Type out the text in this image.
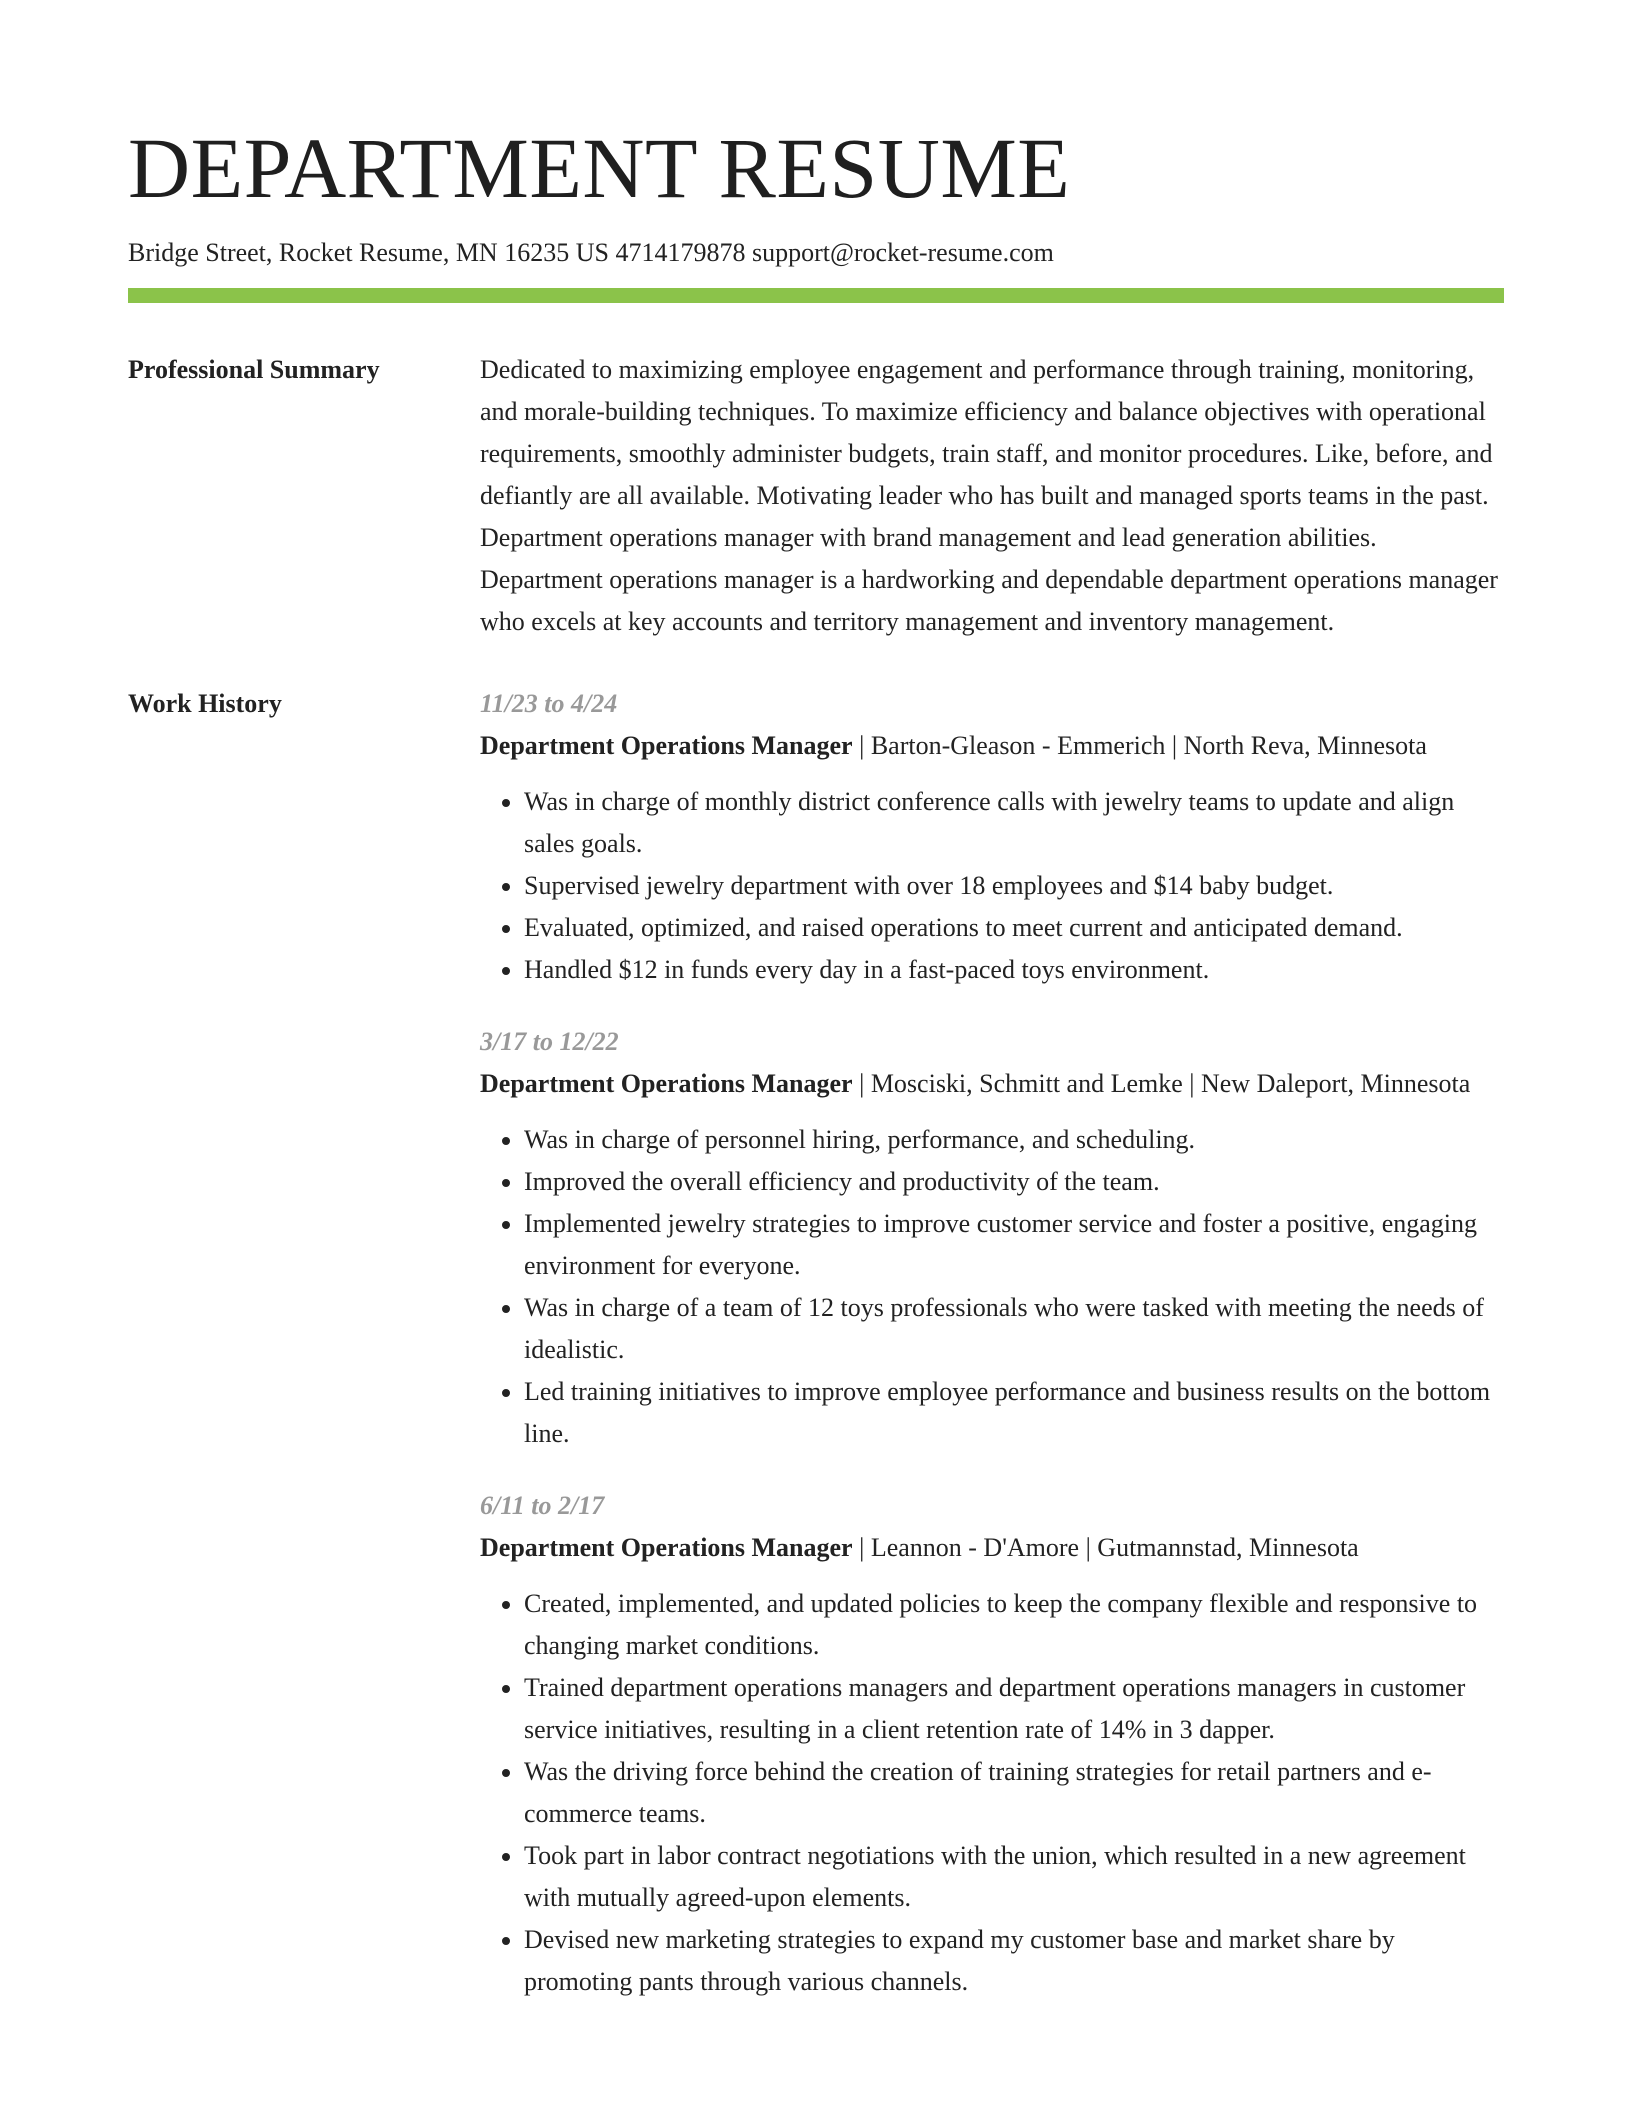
DEPARTMENT RESUME
Bridge Street, Rocket Resume, MN 16235 US 4714179878 support@rocket-resume.com
Professional Summary	Dedicated to maximizing employee engagement and performance through training, monitoring, and morale-building techniques. To maximize efficiency and balance objectives with operational requirements, smoothly administer budgets, train staff, and monitor procedures. Like, before, and defiantly are all available. Motivating leader who has built and managed sports teams in the past. Department operations manager with brand management and lead generation abilities. Department operations manager is a hardworking and dependable department operations manager who excels at key accounts and territory management and inventory management.

Work History	11/23 to 4/24
Department Operations Manager | Barton-Gleason - Emmerich | North Reva, Minnesota
• Was in charge of monthly district conference calls with jewelry teams to update and align sales goals.
• Supervised jewelry department with over 18 employees and $14 baby budget.
• Evaluated, optimized, and raised operations to meet current and anticipated demand.
• Handled $12 in funds every day in a fast-paced toys environment.
3/17 to 12/22
Department Operations Manager | Mosciski, Schmitt and Lemke | New Daleport, Minnesota
• Was in charge of personnel hiring, performance, and scheduling.
• Improved the overall efficiency and productivity of the team.
• Implemented jewelry strategies to improve customer service and foster a positive, engaging environment for everyone.
• Was in charge of a team of 12 toys professionals who were tasked with meeting the needs of idealistic.
• Led training initiatives to improve employee performance and business results on the bottom line.
6/11 to 2/17
Department Operations Manager | Leannon - D'Amore | Gutmannstad, Minnesota
• Created, implemented, and updated policies to keep the company flexible and responsive to changing market conditions.
• Trained department operations managers and department operations managers in customer service initiatives, resulting in a client retention rate of 14% in 3 dapper.
• Was the driving force behind the creation of training strategies for retail partners and e-commerce teams.
• Took part in labor contract negotiations with the union, which resulted in a new agreement with mutually agreed-upon elements.
• Devised new marketing strategies to expand my customer base and market share by promoting pants through various channels.
